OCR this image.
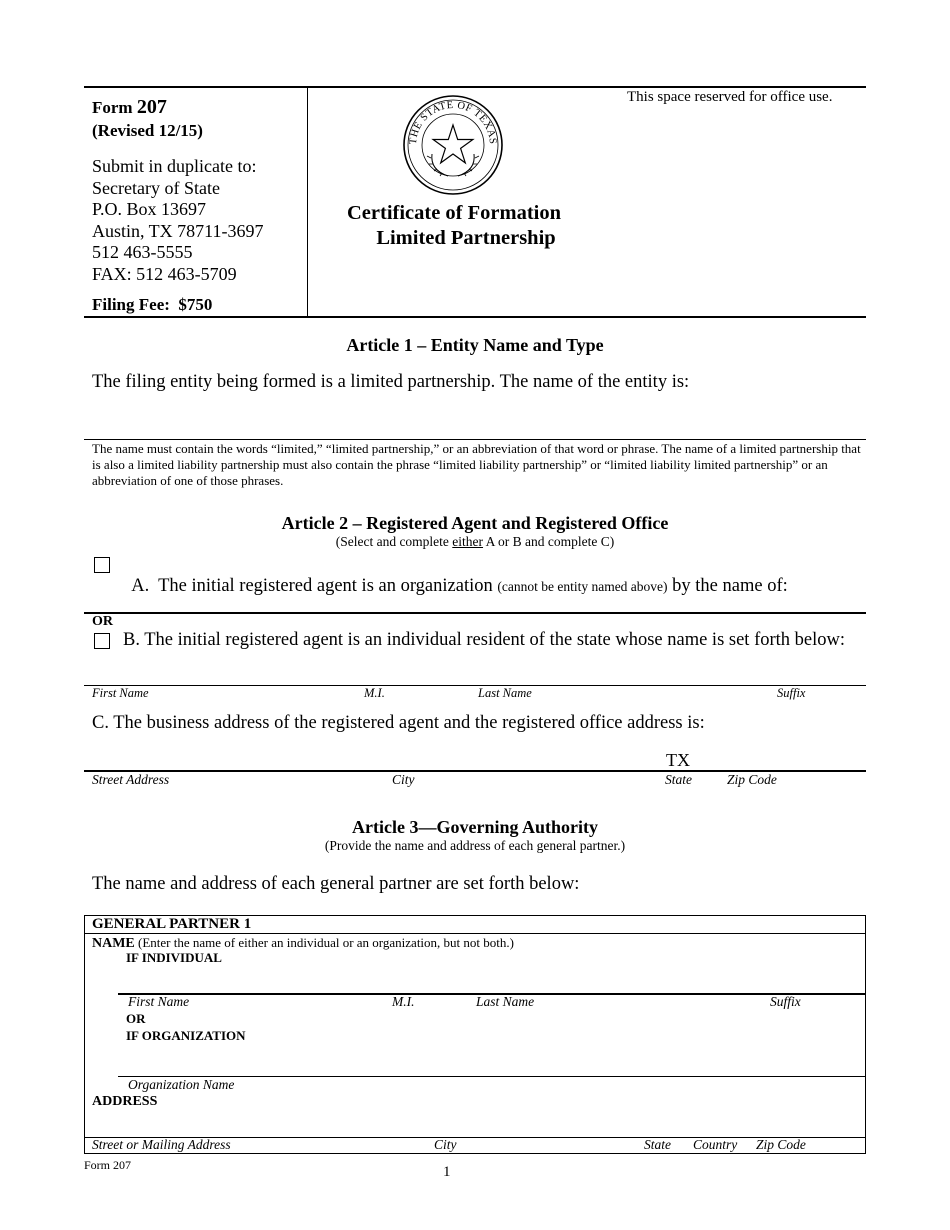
Form 207
(Revised 12/15)
Submit in duplicate to:
Secretary of State
P.O. Box 13697
Austin, TX 78711-3697
512 463-5555
FAX: 512 463-5709
Filing Fee:  $750
THE STATE OF TEXAS
Certificate of Formation
Limited Partnership
This space reserved for office use.
Article 1 – Entity Name and Type
The filing entity being formed is a limited partnership. The name of the entity is:
The name must contain the words “limited,” “limited partnership,” or an abbreviation of that word or phrase. The name of a limited partnership that is also a limited liability partnership must also contain the phrase “limited liability partnership” or “limited liability limited partnership” or an abbreviation of one of those phrases.
Article 2 – Registered Agent and Registered Office
(Select and complete either A or B and complete C)

A.  The initial registered agent is an organization (cannot be entity named above) by the name of:

OR
B. The initial registered agent is an individual resident of the state whose name is set forth below:
First Name	M.I.	Last Name	Suffix
C. The business address of the registered agent and the registered office address is:
TX
Street Address	City	State	Zip Code
Article 3—Governing Authority
(Provide the name and address of each general partner.)
The name and address of each general partner are set forth below:
GENERAL PARTNER 1
NAME (Enter the name of either an individual or an organization, but not both.)
IF INDIVIDUAL
First Name	M.I.	Last Name	Suffix
OR
IF ORGANIZATION
Organization Name
ADDRESS
Street or Mailing Address	City	State Country Zip Code
Form 207	1
